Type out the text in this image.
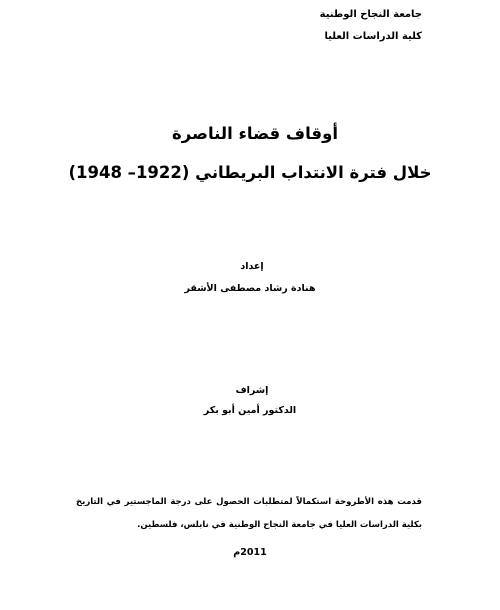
جامعة النجاح الوطنية
كلية الدراسات العليا
أوقاف قضاء الناصرة
خلال فترة الانتداب البريطاني (1922– 1948)
إعداد
هنادة رشاد مصطفى الأشقر
إشراف
الدكتور أمين أبو بكر
قدمت هذه الأطروحة استكمالاً لمتطلبات الحصول على درجة الماجستير في التاريخ
بكلية الدراسات العليا في جامعة النجاح الوطنية في نابلس، فلسطين.
2011م
